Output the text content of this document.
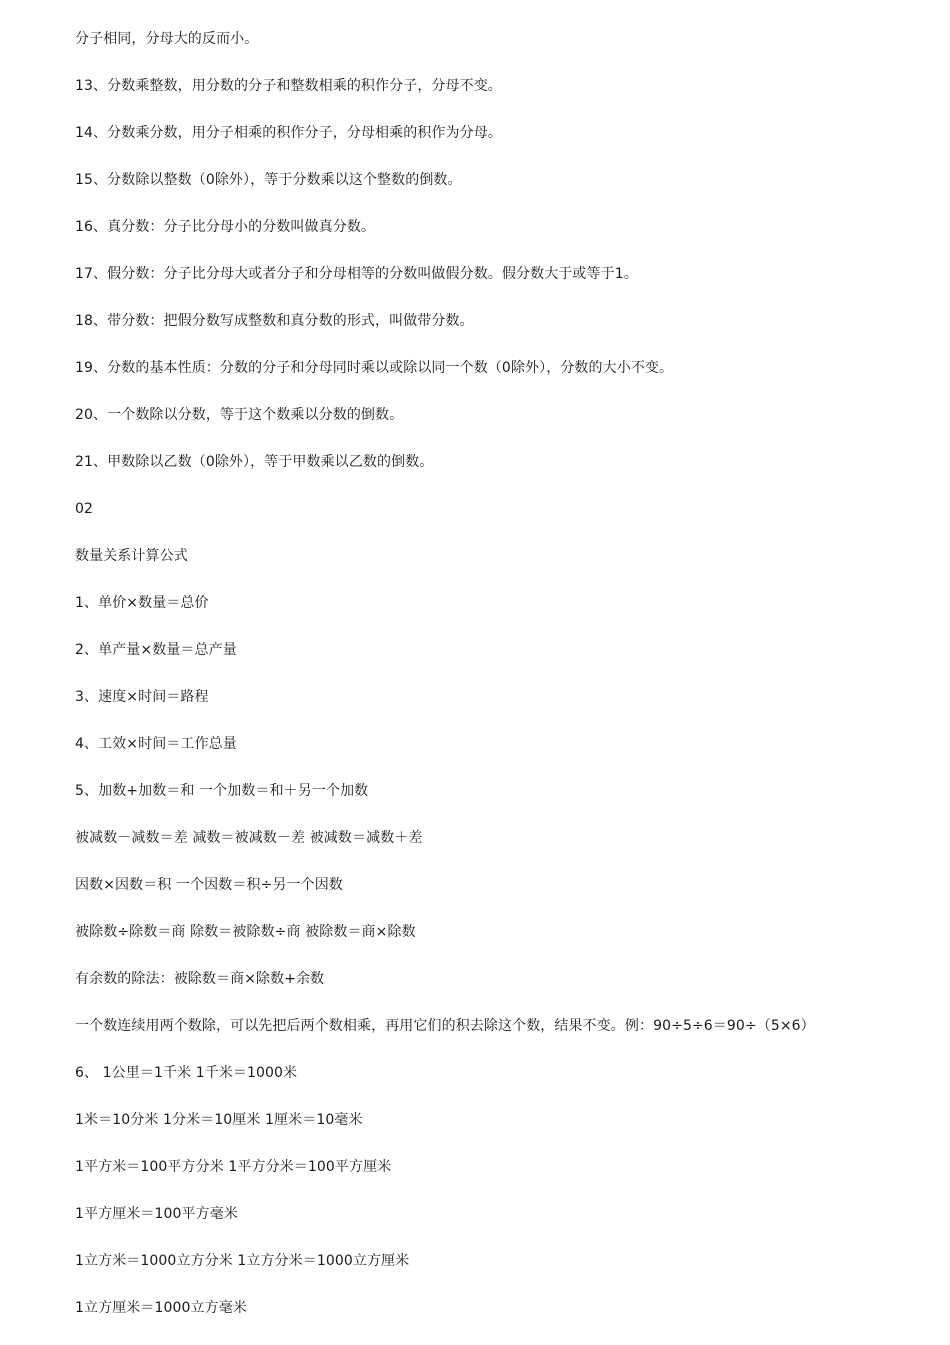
分子相同，分母大的反而小。
13、分数乘整数，用分数的分子和整数相乘的积作分子，分母不变。
14、分数乘分数，用分子相乘的积作分子，分母相乘的积作为分母。
15、分数除以整数（0除外），等于分数乘以这个整数的倒数。
16、真分数：分子比分母小的分数叫做真分数。
17、假分数：分子比分母大或者分子和分母相等的分数叫做假分数。假分数大于或等于1。
18、带分数：把假分数写成整数和真分数的形式，叫做带分数。
19、分数的基本性质：分数的分子和分母同时乘以或除以同一个数（0除外），分数的大小不变。
20、一个数除以分数，等于这个数乘以分数的倒数。
21、甲数除以乙数（0除外），等于甲数乘以乙数的倒数。
02
数量关系计算公式
1、单价×数量＝总价
2、单产量×数量＝总产量
3、速度×时间＝路程
4、工效×时间＝工作总量
5、加数+加数＝和 一个加数＝和＋另一个加数
被减数－减数＝差 减数＝被减数－差 被减数＝减数＋差
因数×因数＝积 一个因数＝积÷另一个因数
被除数÷除数＝商 除数＝被除数÷商 被除数＝商×除数
有余数的除法：被除数＝商×除数+余数
一个数连续用两个数除，可以先把后两个数相乘，再用它们的积去除这个数，结果不变。例：90÷5÷6＝90÷（5×6）
6、 1公里＝1千米 1千米＝1000米
1米＝10分米 1分米＝10厘米 1厘米＝10毫米
1平方米＝100平方分米 1平方分米＝100平方厘米
1平方厘米＝100平方毫米
1立方米＝1000立方分米 1立方分米＝1000立方厘米
1立方厘米＝1000立方毫米
